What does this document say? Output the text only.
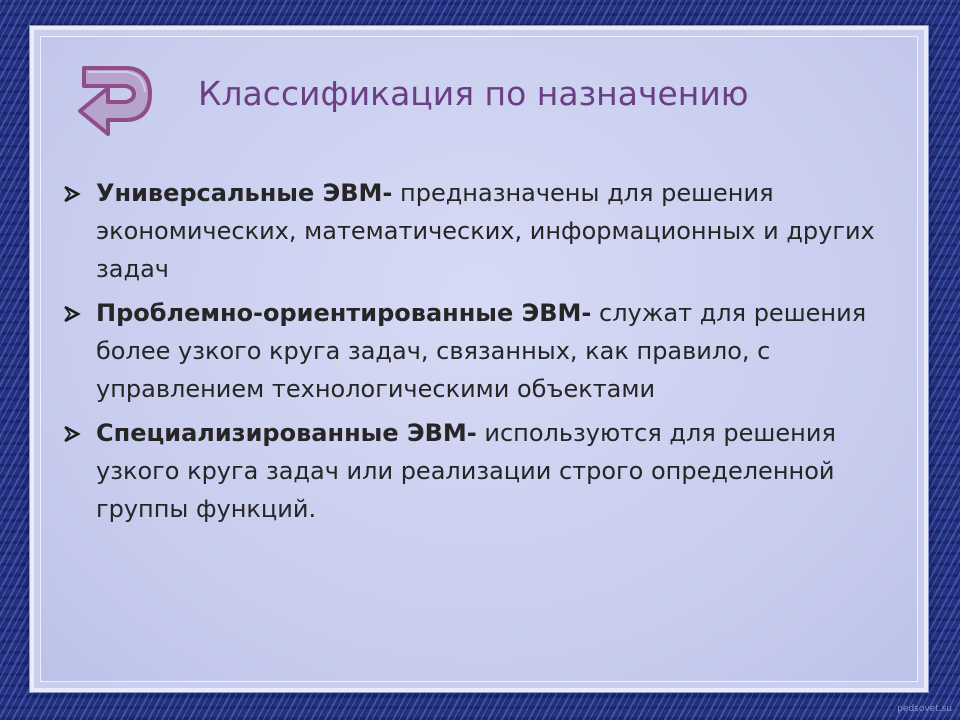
Классификация по назначению
Универсальные ЭВМ- предназначены для решения экономических, математических, информационных и других задач
Проблемно-ориентированные ЭВМ- служат для решения более узкого круга задач, связанных, как правило, с управлением технологическими объектами
Специализированные ЭВМ- используются для решения узкого круга задач или реализации строго определенной группы функций.
pedsovet.su
